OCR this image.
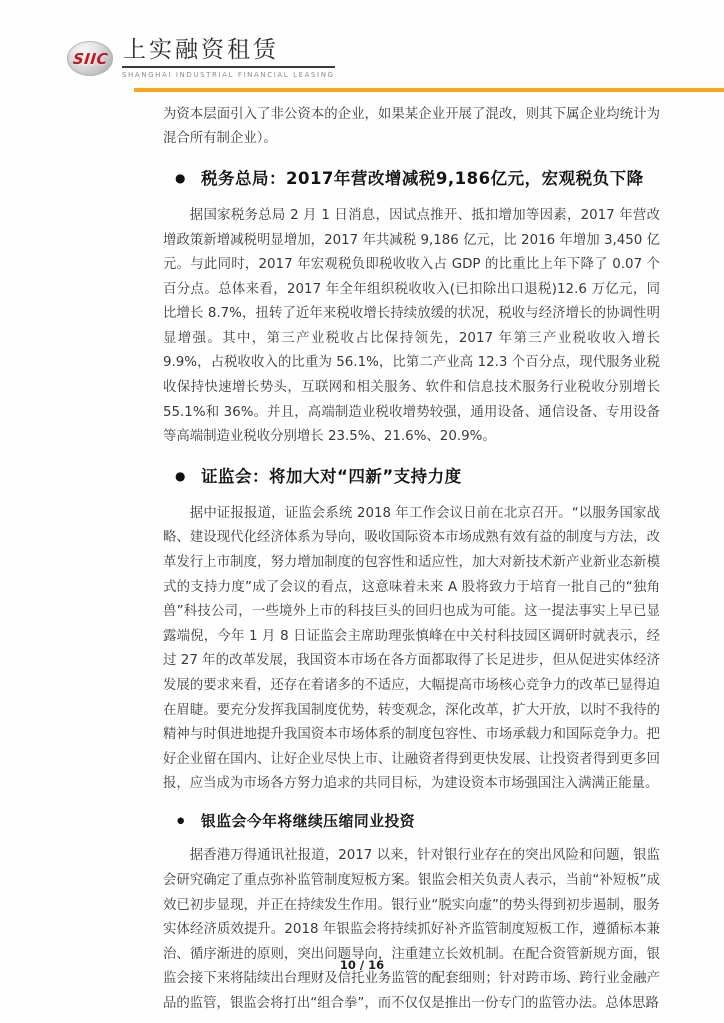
SIIC 上实融资租赁
SHANGHAI INDUSTRIAL FINANCIAL LEASING

为资本层面引入了非公资本的企业，如果某企业开展了混改，则其下属企业均统计为混合所有制企业）。

● 税务总局：2017年营改增减税9,186亿元，宏观税负下降

据国家税务总局 2 月 1 日消息，因试点推开、抵扣增加等因素，2017 年营改增政策新增减税明显增加，2017 年共减税 9,186 亿元，比 2016 年增加 3,450 亿元。与此同时，2017 年宏观税负即税收收入占 GDP 的比重比上年下降了 0.07 个百分点。总体来看，2017 年全年组织税收收入(已扣除出口退税)12.6 万亿元，同比增长 8.7%，扭转了近年来税收增长持续放缓的状况，税收与经济增长的协调性明显增强。其中，第三产业税收占比保持领先，2017 年第三产业税收收入增长 9.9%，占税收收入的比重为 56.1%，比第二产业高 12.3 个百分点，现代服务业税收保持快速增长势头，互联网和相关服务、软件和信息技术服务行业税收分别增长 55.1%和 36%。并且，高端制造业税收增势较强，通用设备、通信设备、专用设备等高端制造业税收分别增长 23.5%、21.6%、20.9%。

● 证监会：将加大对“四新”支持力度

据中证报报道，证监会系统 2018 年工作会议日前在北京召开。“以服务国家战略、建设现代化经济体系为导向，吸收国际资本市场成熟有效有益的制度与方法，改革发行上市制度，努力增加制度的包容性和适应性，加大对新技术新产业新业态新模式的支持力度”成了会议的看点，这意味着未来 A 股将致力于培育一批自己的“独角兽”科技公司，一些境外上市的科技巨头的回归也成为可能。这一提法事实上早已显露端倪，今年 1 月 8 日证监会主席助理张慎峰在中关村科技园区调研时就表示，经过 27 年的改革发展，我国资本市场在各方面都取得了长足进步，但从促进实体经济发展的要求来看，还存在着诸多的不适应，大幅提高市场核心竞争力的改革已显得迫在眉睫。要充分发挥我国制度优势，转变观念，深化改革，扩大开放，以时不我待的精神与时俱进地提升我国资本市场体系的制度包容性、市场承载力和国际竞争力。把好企业留在国内、让好企业尽快上市、让融资者得到更快发展、让投资者得到更多回报，应当成为市场各方努力追求的共同目标，为建设资本市场强国注入满满正能量。

● 银监会今年将继续压缩同业投资

据香港万得通讯社报道，2017 以来，针对银行业存在的突出风险和问题，银监会研究确定了重点弥补监管制度短板方案。银监会相关负责人表示，当前“补短板”成效已初步显现，并正在持续发生作用。银行业“脱实向虚”的势头得到初步遏制，服务实体经济质效提升。2018 年银监会将持续抓好补齐监管制度短板工作，遵循标本兼治、循序渐进的原则，突出问题导向，注重建立长效机制。在配合资管新规方面，银监会接下来将陆续出台理财及信托业务监管的配套细则；针对跨市场、跨行业金融产品的监管，银监会将打出“组合拳”，而不仅仅是推出一份专门的监管办法。总体思路

10 / 16
